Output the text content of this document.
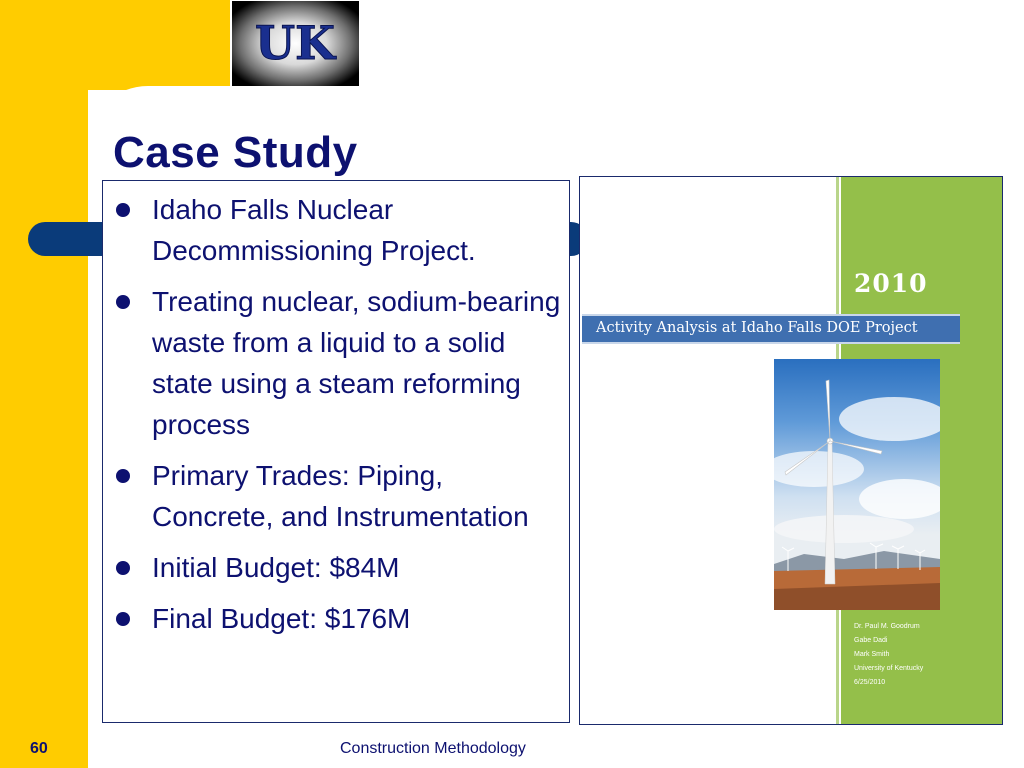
UK
Case Study
Idaho Falls Nuclear Decommissioning Project.
Treating nuclear, sodium-bearing waste from a liquid to a solid state using a steam reforming process
Primary Trades: Piping, Concrete, and Instrumentation
Initial Budget: $84M
Final Budget: $176M
2010
Activity Analysis at Idaho Falls DOE Project
Dr. Paul M. Goodrum
Gabe Dadi
Mark Smith
University of Kentucky
6/25/2010
60	Construction Methodology
